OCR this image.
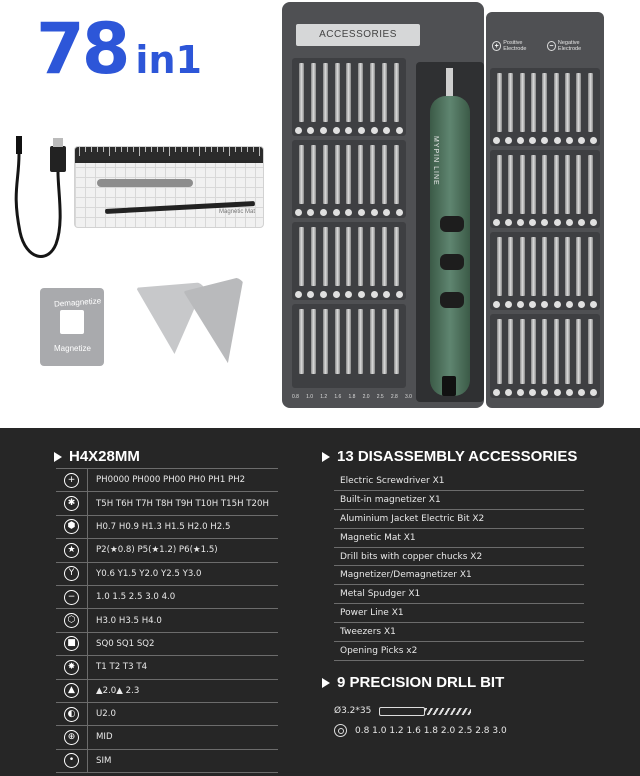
78 in1
Magnetic Mat
Demagnetize
Magnetize
ACCESSORIES
0.8 1.0 1.2 1.6 1.8 2.0 2.5 2.8 3.0
MYPIN LINE
+ Positive Electrode	− Negative Electrode
H4X28MM
+	PH0000 PH000 PH00 PH0 PH1 PH2
✱	T5H T6H T7H T8H T9H T10H T15H T20H
⬢	H0.7 H0.9 H1.3 H1.5 H2.0 H2.5
★	P2(★0.8) P5(★1.2) P6(★1.5)
Y	Y0.6 Y1.5 Y2.0 Y2.5 Y3.0
−	1.0 1.5 2.5 3.0 4.0
⬡	H3.0 H3.5 H4.0
■	SQ0 SQ1 SQ2
✸	T1 T2 T3 T4
▲	▲2.0▲ 2.3
◐	U2.0
⊕	MID
•	SIM
13 DISASSEMBLY ACCESSORIES
Electric Screwdriver X1
Built-in magnetizer X1
Aluminium Jacket Electric Bit X2
Magnetic Mat X1
Drill bits with copper chucks X2
Magnetizer/Demagnetizer X1
Metal Spudger X1
Power Line X1
Tweezers X1
Opening Picks x2
9 PRECISION DRLL BIT
Ø3.2*35
0.8 1.0 1.2 1.6 1.8 2.0 2.5 2.8 3.0
